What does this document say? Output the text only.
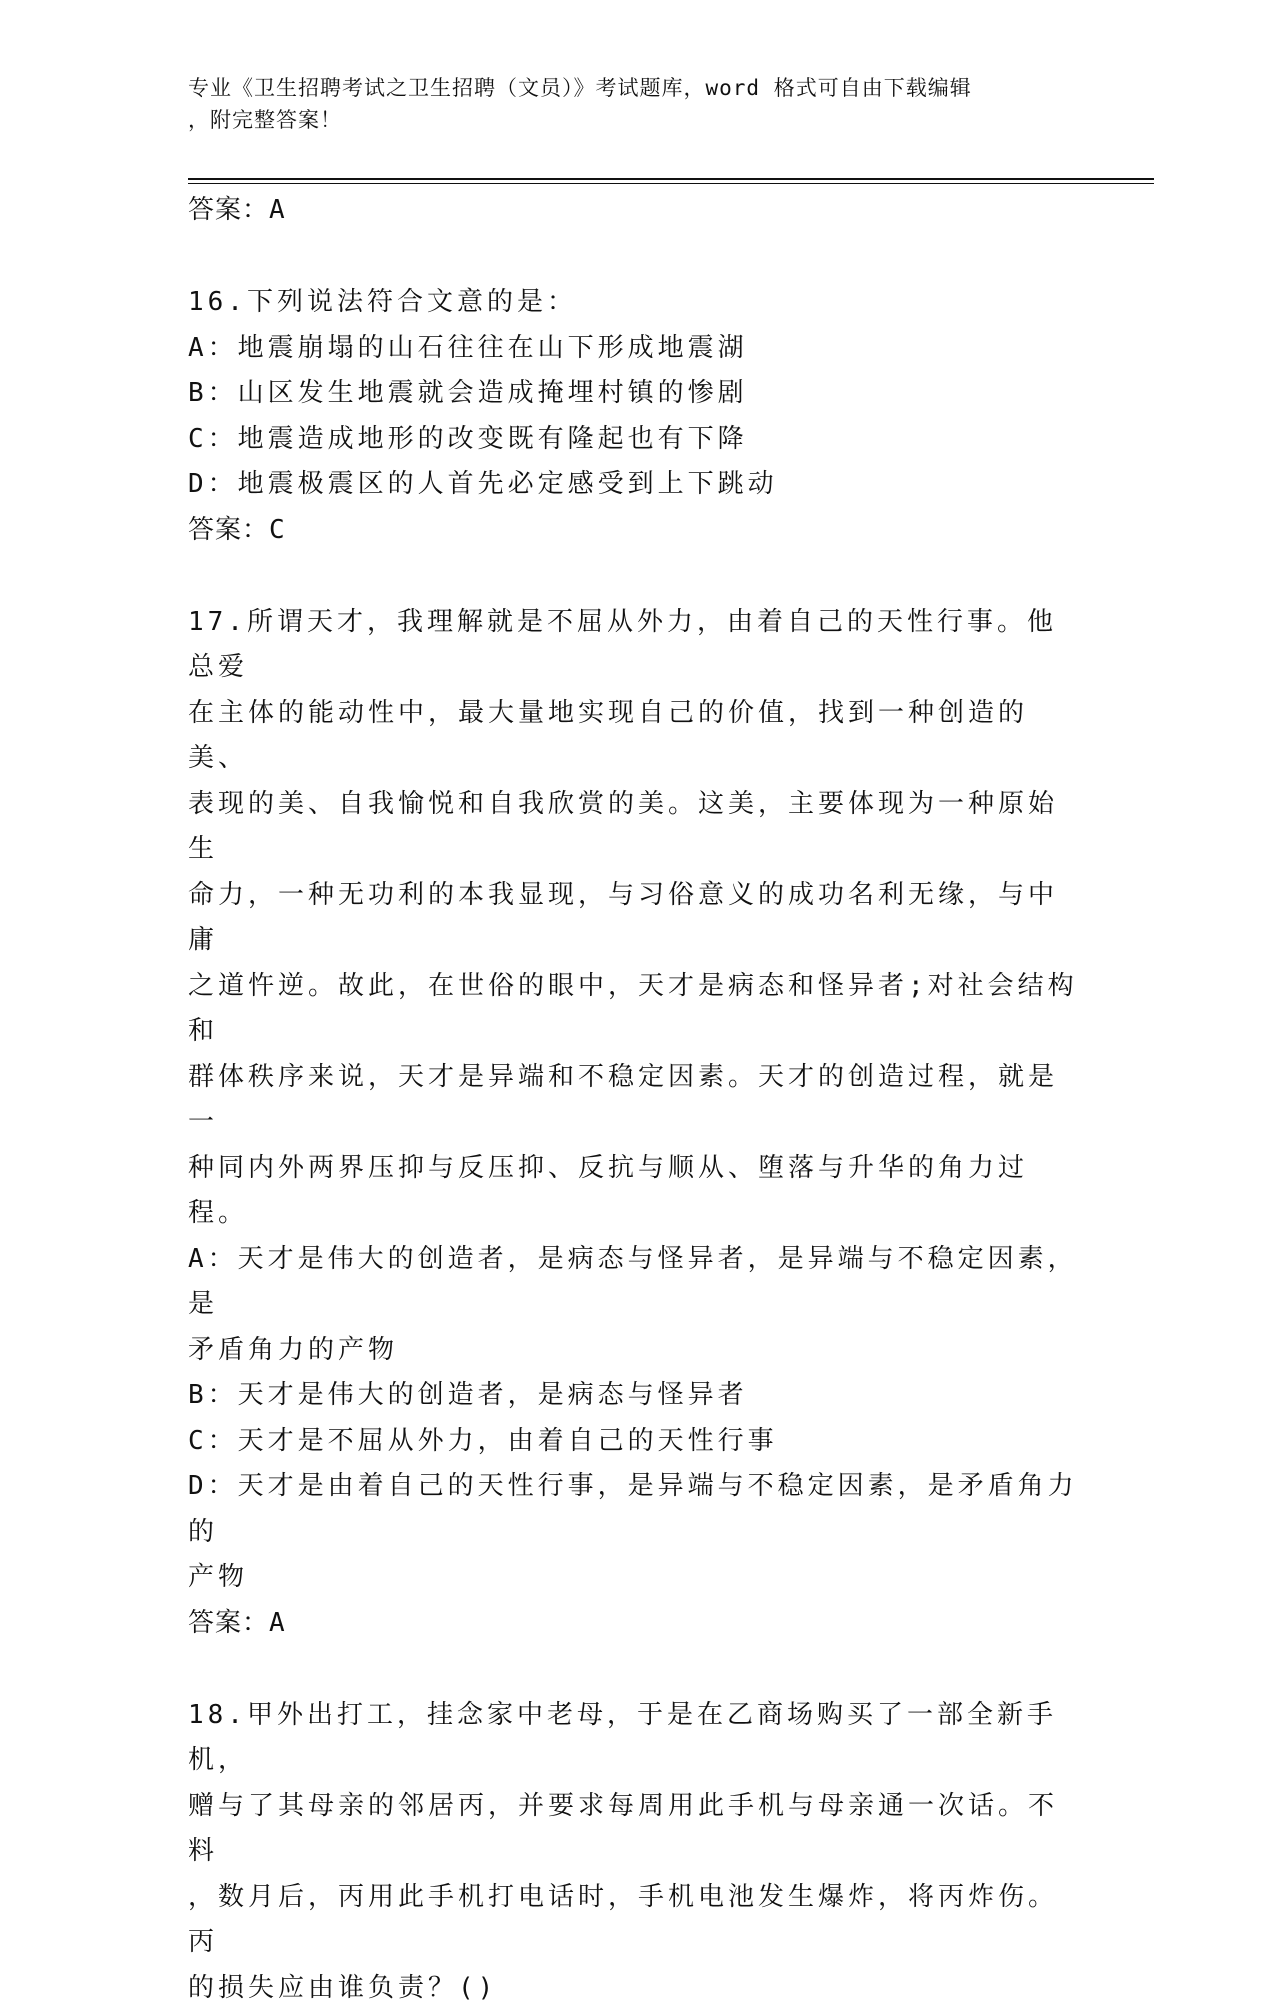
专业《卫生招聘考试之卫生招聘（文员）》考试题库，word 格式可自由下载编辑
，附完整答案！

答案：A

16.下列说法符合文意的是：

A：地震崩塌的山石往往在山下形成地震湖

B：山区发生地震就会造成掩埋村镇的惨剧

C：地震造成地形的改变既有隆起也有下降

D：地震极震区的人首先必定感受到上下跳动

答案：C

17.所谓天才，我理解就是不屈从外力，由着自己的天性行事。他总爱

在主体的能动性中，最大量地实现自己的价值，找到一种创造的美、

表现的美、自我愉悦和自我欣赏的美。这美，主要体现为一种原始生

命力，一种无功利的本我显现，与习俗意义的成功名利无缘，与中庸

之道忤逆。故此，在世俗的眼中，天才是病态和怪异者;对社会结构和

群体秩序来说，天才是异端和不稳定因素。天才的创造过程，就是一

种同内外两界压抑与反压抑、反抗与顺从、堕落与升华的角力过程。

A：天才是伟大的创造者，是病态与怪异者，是异端与不稳定因素，是

矛盾角力的产物

B：天才是伟大的创造者，是病态与怪异者

C：天才是不屈从外力，由着自己的天性行事

D：天才是由着自己的天性行事，是异端与不稳定因素，是矛盾角力的

产物

答案：A

18.甲外出打工，挂念家中老母，于是在乙商场购买了一部全新手机，

赠与了其母亲的邻居丙，并要求每周用此手机与母亲通一次话。不料

，数月后，丙用此手机打电话时，手机电池发生爆炸，将丙炸伤。丙

的损失应由谁负责？()
